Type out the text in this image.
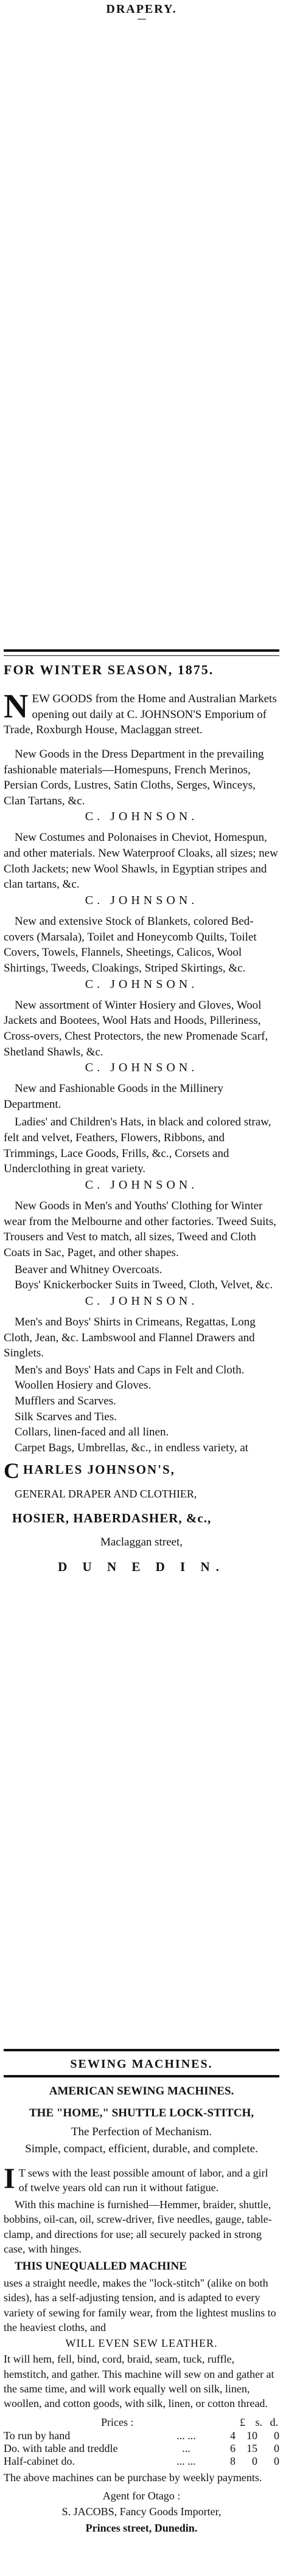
DRAPERY.
FOR WINTER SEASON, 1875.
N EW GOODS from the Home and Australian Markets opening out daily at C. JOHNSON'S Emporium of Trade, Roxburgh House, Maclaggan street.

New Goods in the Dress Department in the prevailing fashionable materials—Homespuns, French Merinos, Persian Cords, Lustres, Satin Cloths, Serges, Winceys, Clan Tartans, &c.

C. JOHNSON.

New Costumes and Polonaises in Cheviot, Homespun, and other materials. New Waterproof Cloaks, all sizes; new Cloth Jackets; new Wool Shawls, in Egyptian stripes and clan tartans, &c.

C. JOHNSON.

New and extensive Stock of Blankets, colored Bed-covers (Marsala), Toilet and Honeycomb Quilts, Toilet Covers, Towels, Flannels, Sheetings, Calicos, Wool Shirtings, Tweeds, Cloakings, Striped Skirtings, &c.

C. JOHNSON.

New assortment of Winter Hosiery and Gloves, Wool Jackets and Bootees, Wool Hats and Hoods, Pilleriness, Cross-overs, Chest Protectors, the new Promenade Scarf, Shetland Shawls, &c.

C. JOHNSON.

New and Fashionable Goods in the Millinery Department.

Ladies' and Children's Hats, in black and colored straw, felt and velvet, Feathers, Flowers, Ribbons, and Trimmings, Lace Goods, Frills, &c., Corsets and Underclothing in great variety.

C. JOHNSON.

New Goods in Men's and Youths' Clothing for Winter wear from the Melbourne and other factories. Tweed Suits, Trousers and Vest to match, all sizes, Tweed and Cloth Coats in Sac, Paget, and other shapes.

Beaver and Whitney Overcoats.

Boys' Knickerbocker Suits in Tweed, Cloth, Velvet, &c.

C. JOHNSON.

Men's and Boys' Shirts in Crimeans, Regattas, Long Cloth, Jean, &c. Lambswool and Flannel Drawers and Singlets.

Men's and Boys' Hats and Caps in Felt and Cloth.

Woollen Hosiery and Gloves.

Mufflers and Scarves.

Silk Scarves and Ties.

Collars, linen-faced and all linen.

Carpet Bags, Umbrellas, &c., in endless variety, at

C HARLES JOHNSON'S,
GENERAL DRAPER AND CLOTHIER,
HOSIER, HABERDASHER, &c.,
Maclaggan street,
D U N E D I N.
SEWING MACHINES.
AMERICAN SEWING MACHINES.
THE "HOME," SHUTTLE LOCK-STITCH,
The Perfection of Mechanism.
Simple, compact, efficient, durable, and complete.
I T sews with the least possible amount of labor, and a girl of twelve years old can run it without fatigue.

With this machine is furnished—Hemmer, braider, shuttle, bobbins, oil-can, oil, screw-driver, five needles, gauge, table-clamp, and directions for use; all securely packed in strong case, with hinges.

THIS UNEQUALLED MACHINE

uses a straight needle, makes the "lock-stitch" (alike on both sides), has a self-adjusting tension, and is adapted to every variety of sewing for family wear, from the lightest muslins to the heaviest cloths, and

WILL EVEN SEW LEATHER.

It will hem, fell, bind, cord, braid, seam, tuck, ruffle, hemstitch, and gather. This machine will sew on and gather at the same time, and will work equally well on silk, linen, woollen, and cotton goods, with silk, linen, or cotton thread.

Prices :	£ s. d.
To run by hand	... ...	4	10	0
Do. with table and treddle	...	6	15	0
Half-cabinet do.	... ...	8	0	0

The above machines can be purchase by weekly payments.

Agent for Otago :
S. JACOBS, Fancy Goods Importer,
Princes street, Dunedin.
